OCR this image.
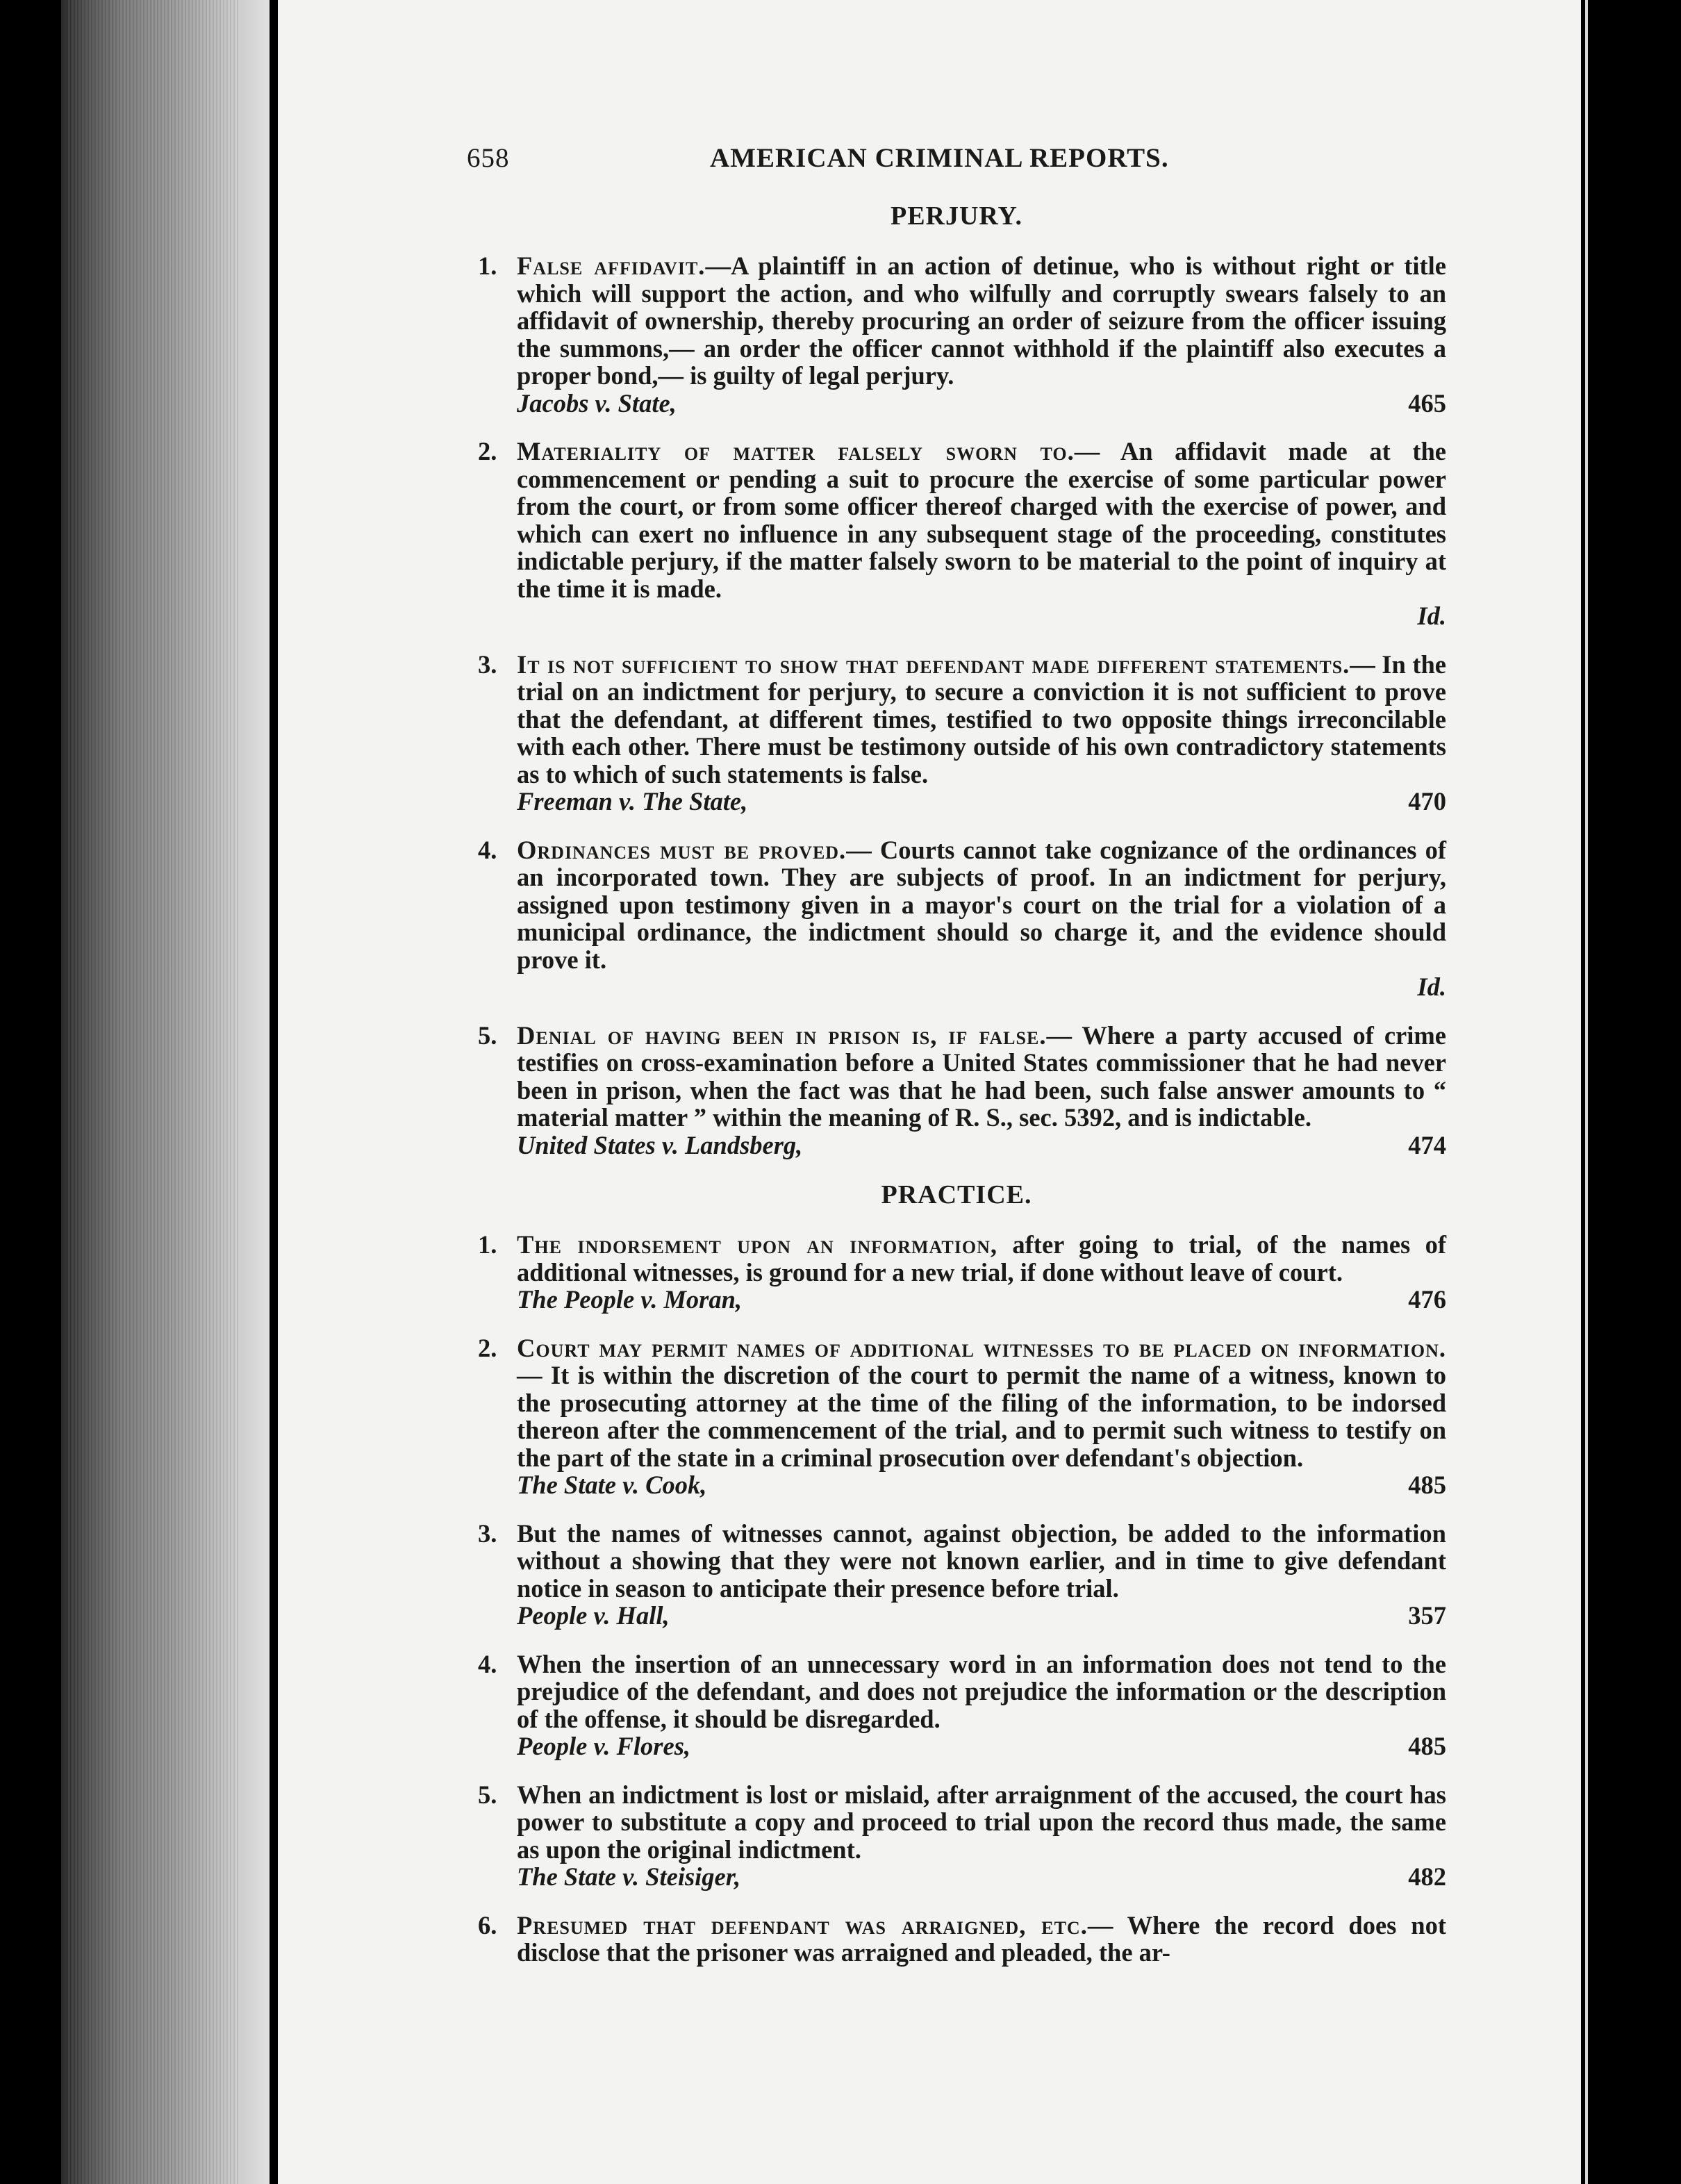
658	AMERICAN CRIMINAL REPORTS.
PERJURY.
1. False affidavit.—A plaintiff in an action of detinue, who is without right or title which will support the action, and who wilfully and corruptly swears falsely to an affidavit of ownership, thereby procuring an order of seizure from the officer issuing the summons,— an order the officer cannot withhold if the plaintiff also executes a proper bond,— is guilty of legal perjury.
Jacobs v. State,	465
2. Materiality of matter falsely sworn to.— An affidavit made at the commencement or pending a suit to procure the exercise of some particular power from the court, or from some officer thereof charged with the exercise of power, and which can exert no influence in any subsequent stage of the proceeding, constitutes indictable perjury, if the matter falsely sworn to be material to the point of inquiry at the time it is made.
Id.
3. It is not sufficient to show that defendant made different statements.— In the trial on an indictment for perjury, to secure a conviction it is not sufficient to prove that the defendant, at different times, testified to two opposite things irreconcilable with each other. There must be testimony outside of his own contradictory statements as to which of such statements is false.
Freeman v. The State,	470
4. Ordinances must be proved.— Courts cannot take cognizance of the ordinances of an incorporated town. They are subjects of proof. In an indictment for perjury, assigned upon testimony given in a mayor's court on the trial for a violation of a municipal ordinance, the indictment should so charge it, and the evidence should prove it.
Id.
5. Denial of having been in prison is, if false.— Where a party accused of crime testifies on cross-examination before a United States commissioner that he had never been in prison, when the fact was that he had been, such false answer amounts to “ material matter ” within the meaning of R. S., sec. 5392, and is indictable.
United States v. Landsberg,	474
PRACTICE.
1. The indorsement upon an information, after going to trial, of the names of additional witnesses, is ground for a new trial, if done without leave of court.
The People v. Moran,	476
2. Court may permit names of additional witnesses to be placed on information.— It is within the discretion of the court to permit the name of a witness, known to the prosecuting attorney at the time of the filing of the information, to be indorsed thereon after the commencement of the trial, and to permit such witness to testify on the part of the state in a criminal prosecution over defendant's objection.
The State v. Cook,	485
3. But the names of witnesses cannot, against objection, be added to the information without a showing that they were not known earlier, and in time to give defendant notice in season to anticipate their presence before trial.
People v. Hall,	357
4. When the insertion of an unnecessary word in an information does not tend to the prejudice of the defendant, and does not prejudice the information or the description of the offense, it should be disregarded.
People v. Flores,	485
5. When an indictment is lost or mislaid, after arraignment of the accused, the court has power to substitute a copy and proceed to trial upon the record thus made, the same as upon the original indictment.
The State v. Steisiger,	482
6. Presumed that defendant was arraigned, etc.— Where the record does not disclose that the prisoner was arraigned and pleaded, the ar-
